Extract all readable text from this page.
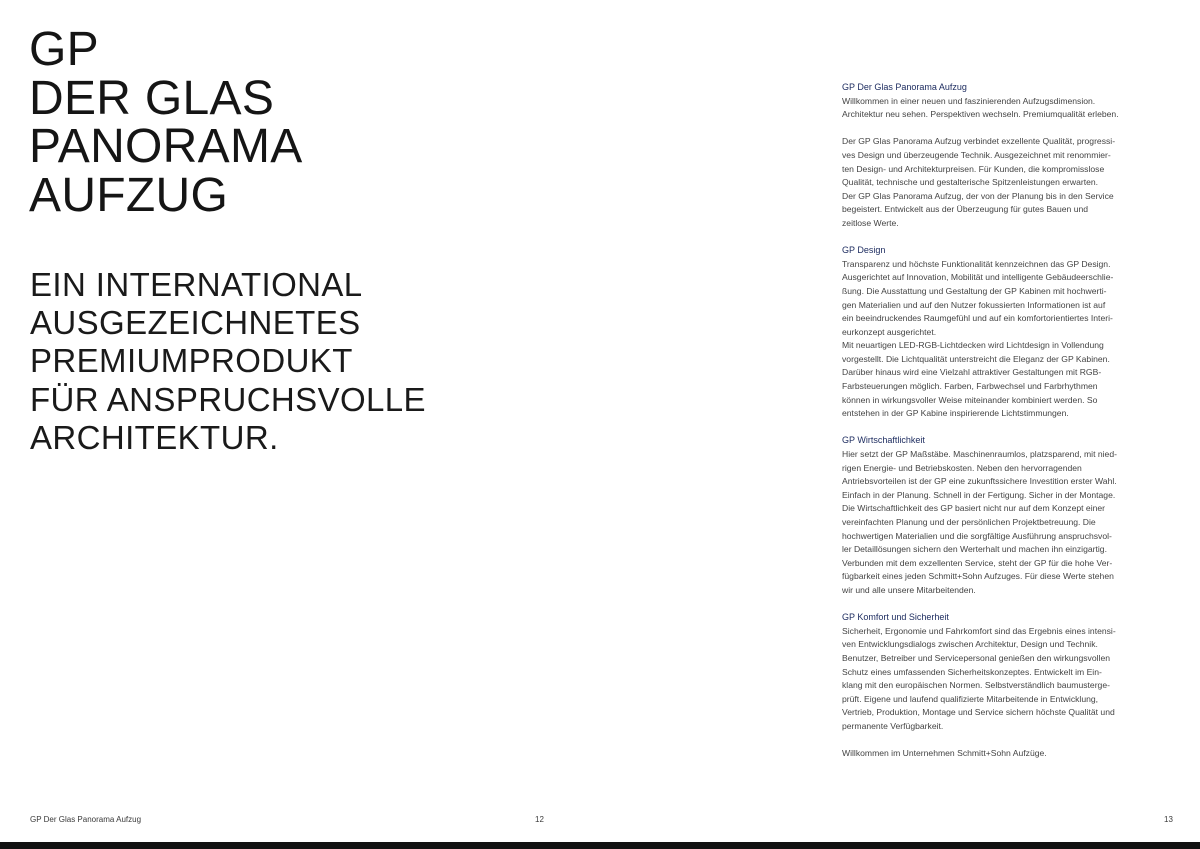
GP
DER GLAS
PANORAMA
AUFZUG
EIN INTERNATIONAL
AUSGEZEICHNETES
PREMIUMPRODUKT
FÜR ANSPRUCHSVOLLE
ARCHITEKTUR.
GP Der Glas Panorama Aufzug	12
GP Der Glas Panorama Aufzug
Willkommen in einer neuen und faszinierenden Aufzugsdimension.
Architektur neu sehen. Perspektiven wechseln. Premiumqualität erleben.
Der GP Glas Panorama Aufzug verbindet exzellente Qualität, progressi-
ves Design und überzeugende Technik. Ausgezeichnet mit renommier-
ten Design- und Architekturpreisen. Für Kunden, die kompromisslose
Qualität, technische und gestalterische Spitzenleistungen erwarten.
Der GP Glas Panorama Aufzug, der von der Planung bis in den Service
begeistert. Entwickelt aus der Überzeugung für gutes Bauen und
zeitlose Werte.
GP Design
Transparenz und höchste Funktionalität kennzeichnen das GP Design.
Ausgerichtet auf Innovation, Mobilität und intelligente Gebäudeerschlie-
ßung. Die Ausstattung und Gestaltung der GP Kabinen mit hochwerti-
gen Materialien und auf den Nutzer fokussierten Informationen ist auf
ein beeindruckendes Raumgefühl und auf ein komfortorientiertes Interi-
eurkonzept ausgerichtet.
Mit neuartigen LED-RGB-Lichtdecken wird Lichtdesign in Vollendung
vorgestellt. Die Lichtqualität unterstreicht die Eleganz der GP Kabinen.
Darüber hinaus wird eine Vielzahl attraktiver Gestaltungen mit RGB-
Farbsteuerungen möglich. Farben, Farbwechsel und Farbrhythmen
können in wirkungsvoller Weise miteinander kombiniert werden. So
entstehen in der GP Kabine inspirierende Lichtstimmungen.
GP Wirtschaftlichkeit
Hier setzt der GP Maßstäbe. Maschinenraumlos, platzsparend, mit nied-
rigen Energie- und Betriebskosten. Neben den hervorragenden
Antriebsvorteilen ist der GP eine zukunftssichere Investition erster Wahl.
Einfach in der Planung. Schnell in der Fertigung. Sicher in der Montage.
Die Wirtschaftlichkeit des GP basiert nicht nur auf dem Konzept einer
vereinfachten Planung und der persönlichen Projektbetreuung. Die
hochwertigen Materialien und die sorgfältige Ausführung anspruchsvol-
ler Detaillösungen sichern den Werterhalt und machen ihn einzigartig.
Verbunden mit dem exzellenten Service, steht der GP für die hohe Ver-
fügbarkeit eines jeden Schmitt+Sohn Aufzuges. Für diese Werte stehen
wir und alle unsere Mitarbeitenden.
GP Komfort und Sicherheit
Sicherheit, Ergonomie und Fahrkomfort sind das Ergebnis eines intensi-
ven Entwicklungsdialogs zwischen Architektur, Design und Technik.
Benutzer, Betreiber und Servicepersonal genießen den wirkungsvollen
Schutz eines umfassenden Sicherheitskonzeptes. Entwickelt im Ein-
klang mit den europäischen Normen. Selbstverständlich baumusterge-
prüft. Eigene und laufend qualifizierte Mitarbeitende in Entwicklung,
Vertrieb, Produktion, Montage und Service sichern höchste Qualität und
permanente Verfügbarkeit.
Willkommen im Unternehmen Schmitt+Sohn Aufzüge.
13
